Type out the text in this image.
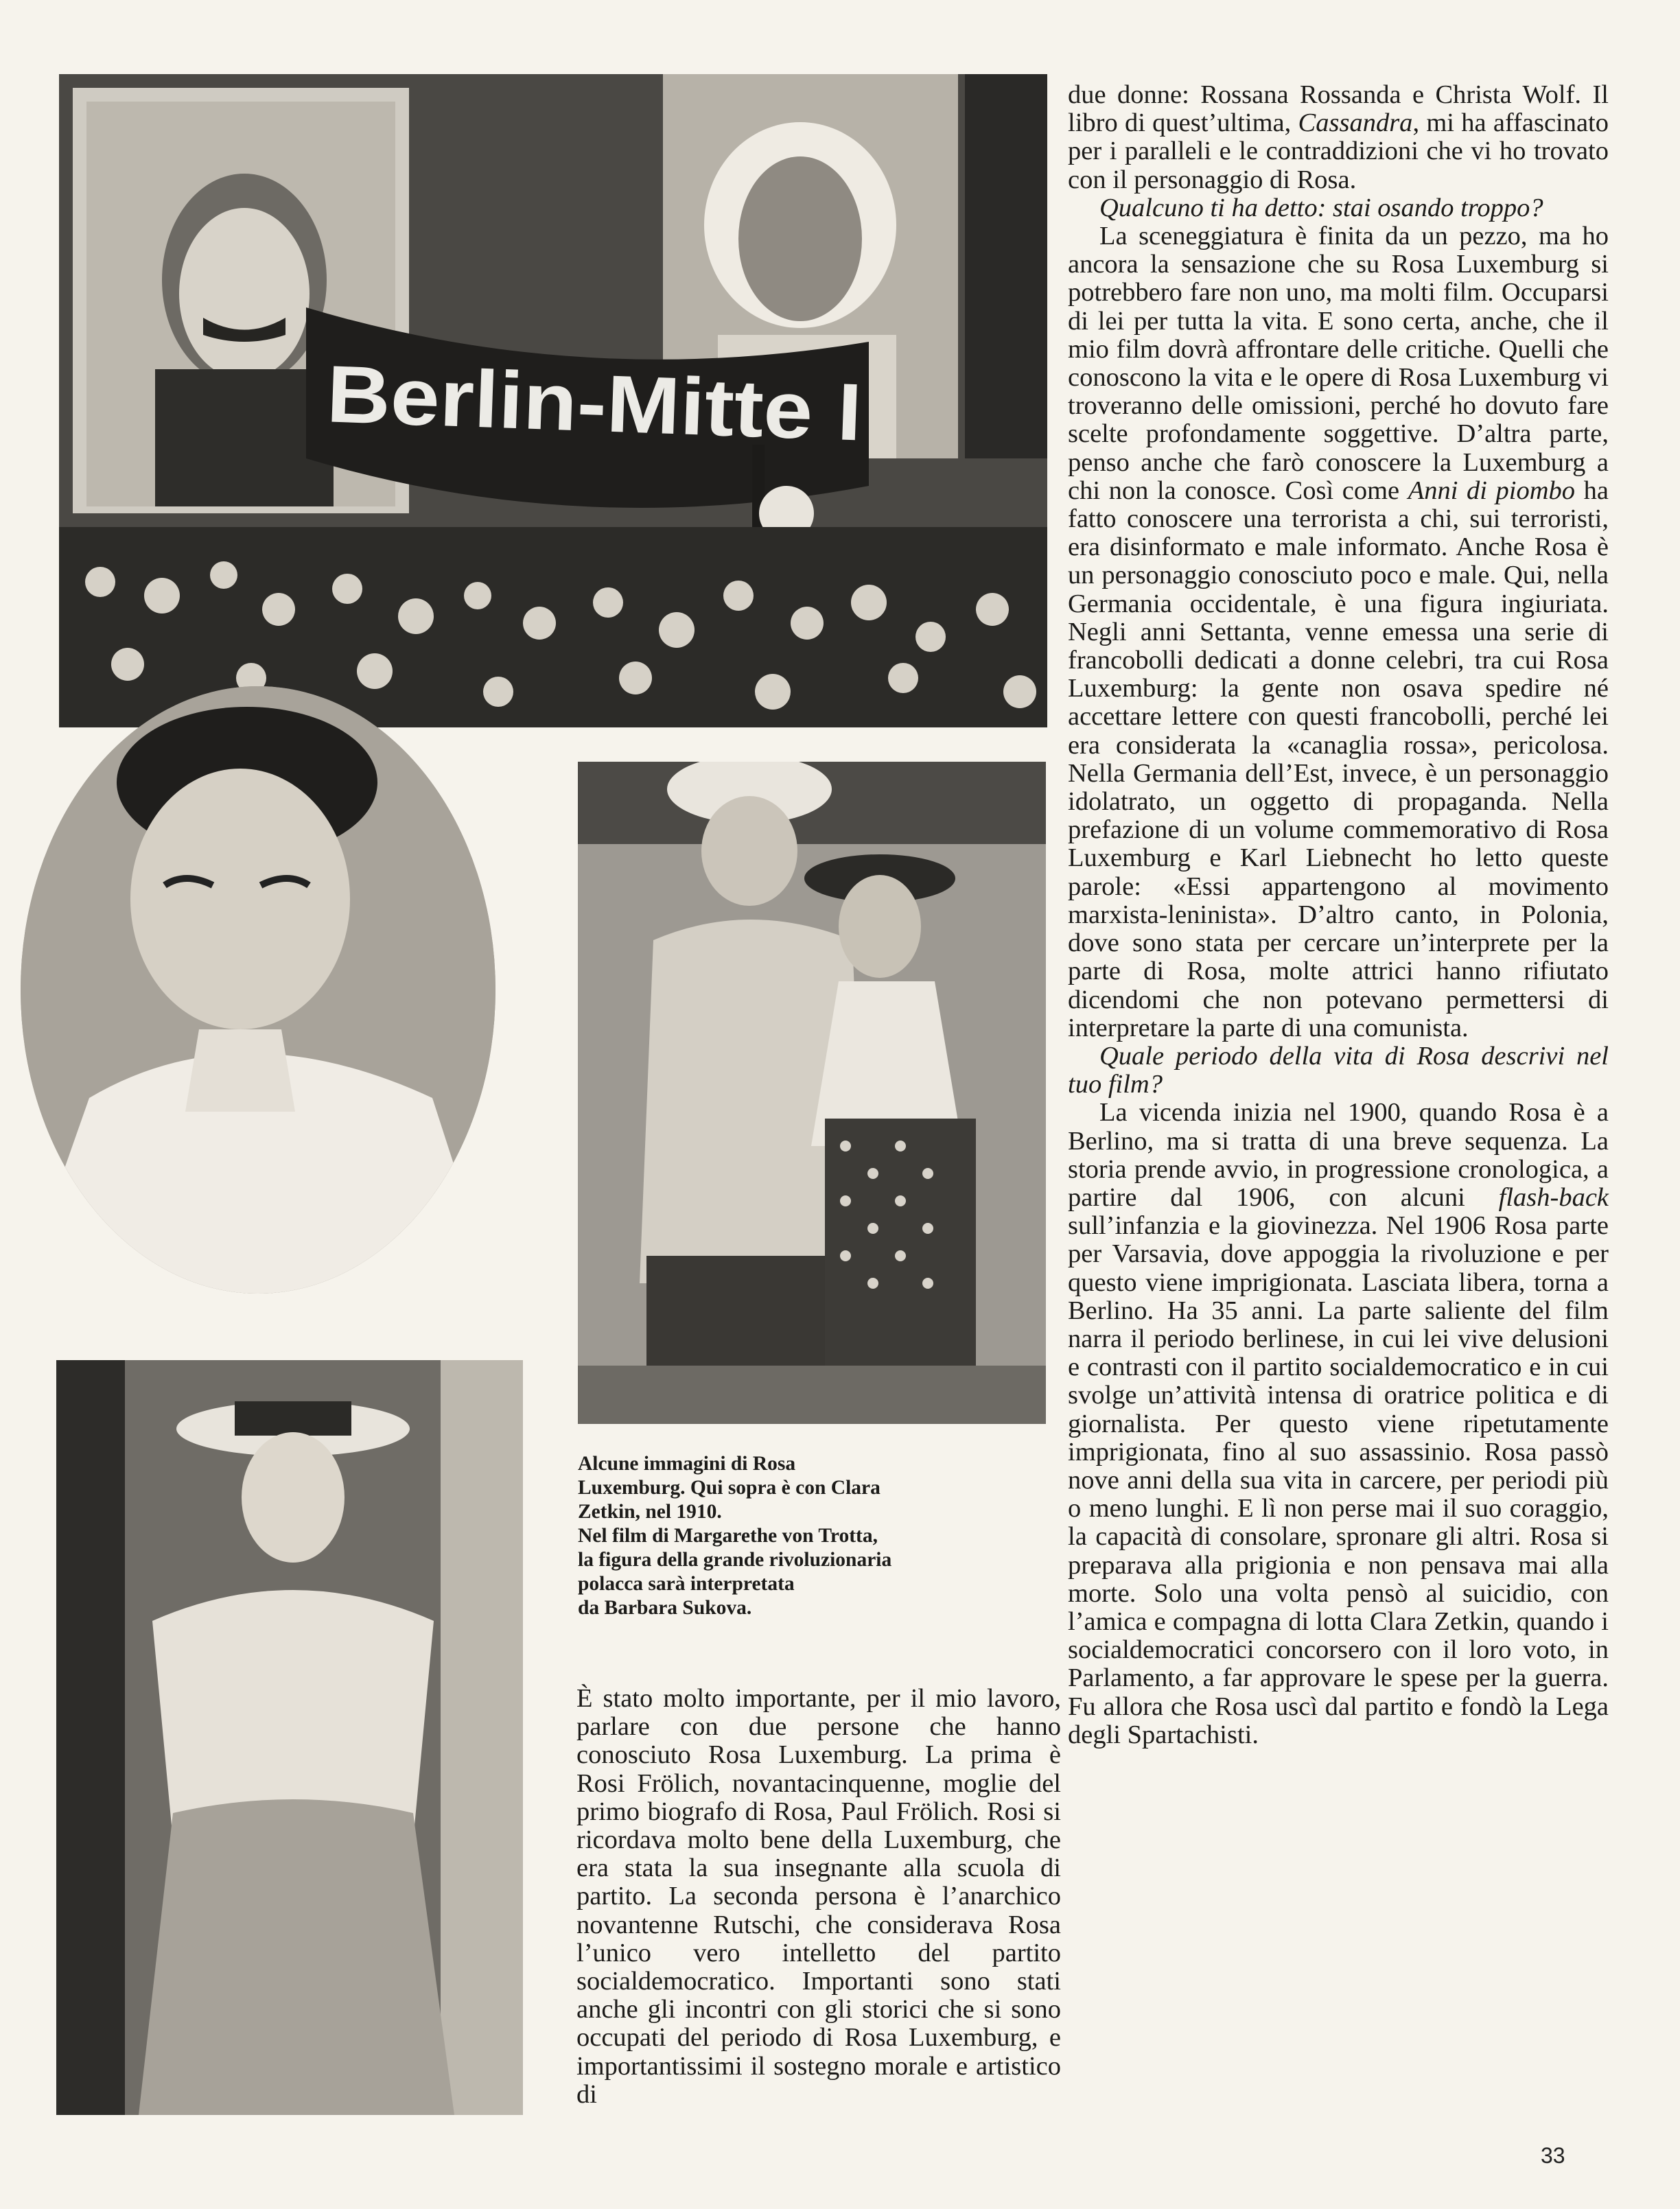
Berlin-Mitte I

due donne: Rossana Rossanda e Christa Wolf. Il libro di quest’ultima, Cassandra, mi ha affascinato per i paralleli e le contraddizioni che vi ho trovato con il personaggio di Rosa.

Qualcuno ti ha detto: stai osando troppo?

La sceneggiatura è finita da un pezzo, ma ho ancora la sensazione che su Rosa Luxemburg si potrebbero fare non uno, ma molti film. Occuparsi di lei per tutta la vita. E sono certa, anche, che il mio film dovrà affrontare delle critiche. Quelli che conoscono la vita e le opere di Rosa Luxemburg vi troveranno delle omissioni, perché ho dovuto fare scelte profondamente soggettive. D’altra parte, penso anche che farò conoscere la Luxemburg a chi non la conosce. Così come Anni di piombo ha fatto conoscere una terrorista a chi, sui terroristi, era disinformato e male informato. Anche Rosa è un personaggio conosciuto poco e male. Qui, nella Germania occidentale, è una figura ingiuriata. Negli anni Settanta, venne emessa una serie di francobolli dedicati a donne celebri, tra cui Rosa Luxemburg: la gente non osava spedire né accettare lettere con questi francobolli, perché lei era considerata la «canaglia rossa», pericolosa. Nella Germania dell’Est, invece, è un personaggio idolatrato, un oggetto di propaganda. Nella prefazione di un volume commemorativo di Rosa Luxemburg e Karl Liebnecht ho letto queste parole: «Essi appartengono al movimento marxista-leninista». D’altro canto, in Polonia, dove sono stata per cercare un’interprete per la parte di Rosa, molte attrici hanno rifiutato dicendomi che non potevano permettersi di interpretare la parte di una comunista.

Quale periodo della vita di Rosa descrivi nel tuo film?

La vicenda inizia nel 1900, quando Rosa è a Berlino, ma si tratta di una breve sequenza. La storia prende avvio, in progressione cronologica, a partire dal 1906, con alcuni flash-back sull’infanzia e la giovinezza. Nel 1906 Rosa parte per Varsavia, dove appoggia la rivoluzione e per questo viene imprigionata. Lasciata libera, torna a Berlino. Ha 35 anni. La parte saliente del film narra il periodo berlinese, in cui lei vive delusioni e contrasti con il partito socialdemocratico e in cui svolge un’attività intensa di oratrice politica e di giornalista. Per questo viene ripetutamente imprigionata, fino al suo assassinio. Rosa passò nove anni della sua vita in carcere, per periodi più o meno lunghi. E lì non perse mai il suo coraggio, la capacità di consolare, spronare gli altri. Rosa si preparava alla prigionia e non pensava mai alla morte. Solo una volta pensò al suicidio, con l’amica e compagna di lotta Clara Zetkin, quando i socialdemocratici concorsero con il loro voto, in Parlamento, a far approvare le spese per la guerra. Fu allora che Rosa uscì dal partito e fondò la Lega degli Spartachisti.

Alcune immagini di Rosa
Luxemburg. Qui sopra è con Clara
Zetkin, nel 1910.
Nel film di Margarethe von Trotta,
la figura della grande rivoluzionaria
polacca sarà interpretata
da Barbara Sukova.

È stato molto importante, per il mio lavoro, parlare con due persone che hanno conosciuto Rosa Luxemburg. La prima è Rosi Frölich, novantacinquenne, moglie del primo biografo di Rosa, Paul Frölich. Rosi si ricordava molto bene della Luxemburg, che era stata la sua insegnante alla scuola di partito. La seconda persona è l’anarchico novantenne Rutschi, che considerava Rosa l’unico vero intelletto del partito socialdemocratico. Importanti sono stati anche gli incontri con gli storici che si sono occupati del periodo di Rosa Luxemburg, e importantissimi il sostegno morale e artistico di

33
